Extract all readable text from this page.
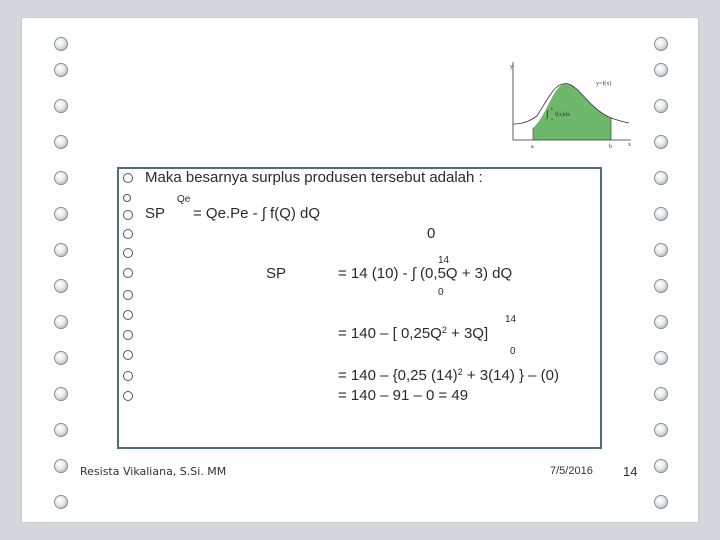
y
x
y=f(x)
∫
b
a
f(x)dx
a	b
Maka besarnya surplus produsen tersebut adalah :
Qe
SP = Qe.Pe - ∫ f(Q) dQ
0
14
SP	= 14 (10) - ∫ (0,5Q + 3) dQ
0
14
= 140 – [ $0,25Q^2 + 3Q$]
0
= 140 – {0,25 $(14)^2 + 3(14)$ } – (0)
= 140 – 91 – 0 = 49
Resista Vikaliana, S.Si. MM	7/5/2016 14
